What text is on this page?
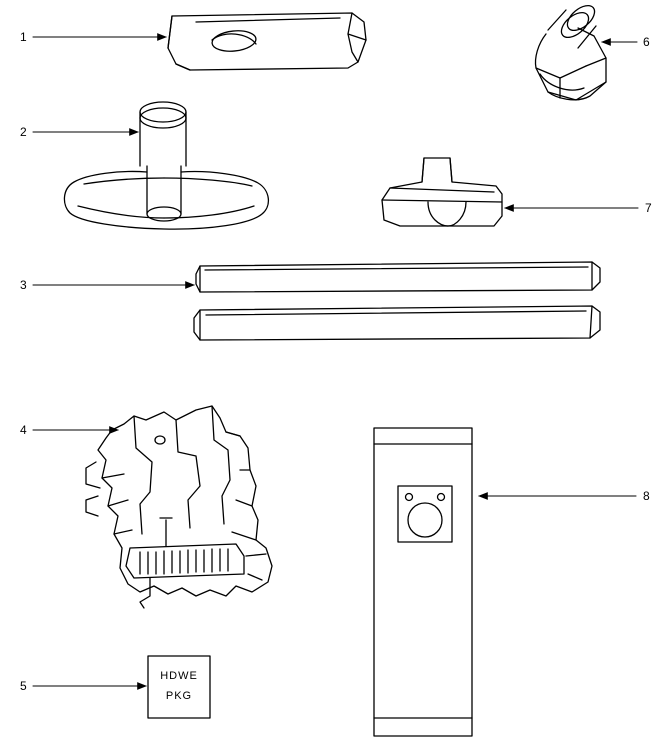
1
2
3
4
5
6
7
8
HDWE
PKG
